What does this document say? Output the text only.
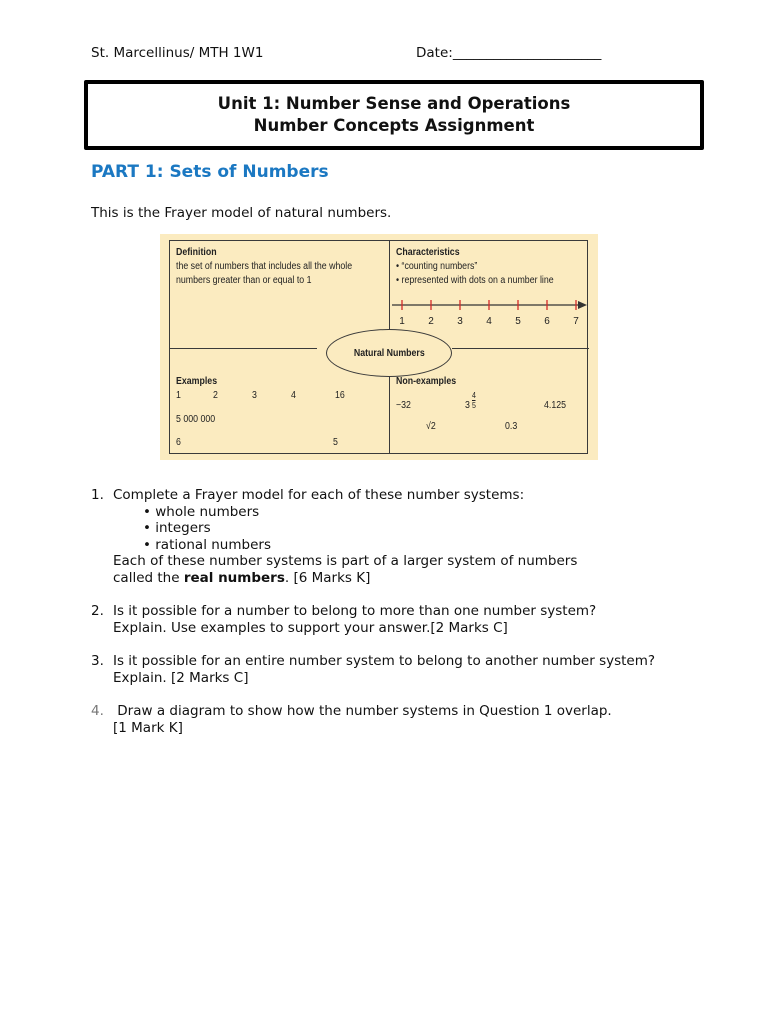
St. Marcellinus/ MTH 1W1	Date:______________________
Unit 1: Number Sense and Operations
Number Concepts Assignment
PART 1: Sets of Numbers
This is the Frayer model of natural numbers.
Definition
the set of numbers that includes all the whole
numbers greater than or equal to 1
Characteristics
• “counting numbers”
• represented with dots on a number line
1 2 3 4 5 6 7
Natural Numbers
Examples
1	2	3	4	16
5 000 000
6	5
Non-examples
−32	$3 \frac{4}{5}$	4.125
√2	0.3
1. Complete a Frayer model for each of these number systems:
• whole numbers
• integers
• rational numbers
Each of these number systems is part of a larger system of numbers
called the real numbers. [6 Marks K]
2. Is it possible for a number to belong to more than one number system?
Explain. Use examples to support your answer.[2 Marks C]
3. Is it possible for an entire number system to belong to another number system?
Explain. [2 Marks C]
4. Draw a diagram to show how the number systems in Question 1 overlap.
[1 Mark K]
